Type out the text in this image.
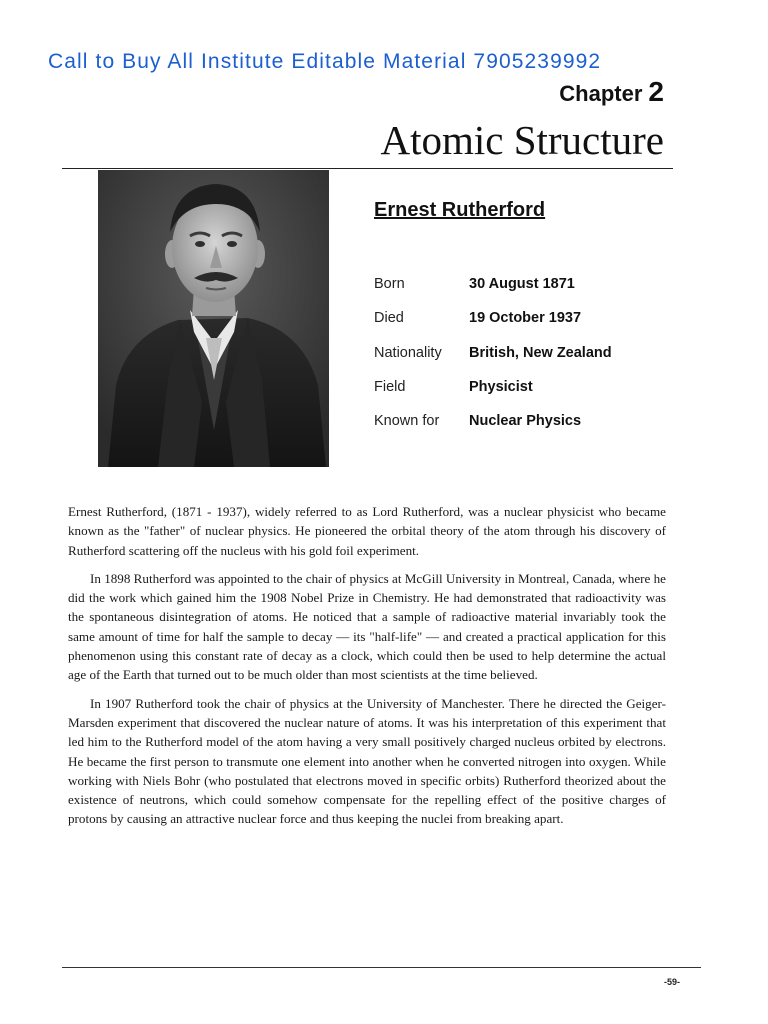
Call to Buy All Institute Editable Material 7905239992
Chapter 2
Atomic Structure
Ernest Rutherford
Born	30 August 1871
Died	19 October 1937
Nationality British, New Zealand
Field	Physicist
Known for Nuclear Physics

Ernest Rutherford, (1871 - 1937), widely referred to as Lord Rutherford, was a nuclear physicist who became known as the "father" of nuclear physics. He pioneered the orbital theory of the atom through his discovery of Rutherford scattering off the nucleus with his gold foil experiment.

In 1898 Rutherford was appointed to the chair of physics at McGill University in Montreal, Canada, where he did the work which gained him the 1908 Nobel Prize in Chemistry. He had demonstrated that radioactivity was the spontaneous disintegration of atoms. He noticed that a sample of radioactive material invariably took the same amount of time for half the sample to decay — its "half-life" — and created a practical application for this phenomenon using this constant rate of decay as a clock, which could then be used to help determine the actual age of the Earth that turned out to be much older than most scientists at the time believed.

In 1907 Rutherford took the chair of physics at the University of Manchester. There he directed the Geiger-Marsden experiment that discovered the nuclear nature of atoms. It was his interpretation of this experiment that led him to the Rutherford model of the atom having a very small positively charged nucleus orbited by electrons. He became the first person to transmute one element into another when he converted nitrogen into oxygen. While working with Niels Bohr (who postulated that electrons moved in specific orbits) Rutherford theorized about the existence of neutrons, which could somehow compensate for the repelling effect of the positive charges of protons by causing an attractive nuclear force and thus keeping the nuclei from breaking apart.

-59-
